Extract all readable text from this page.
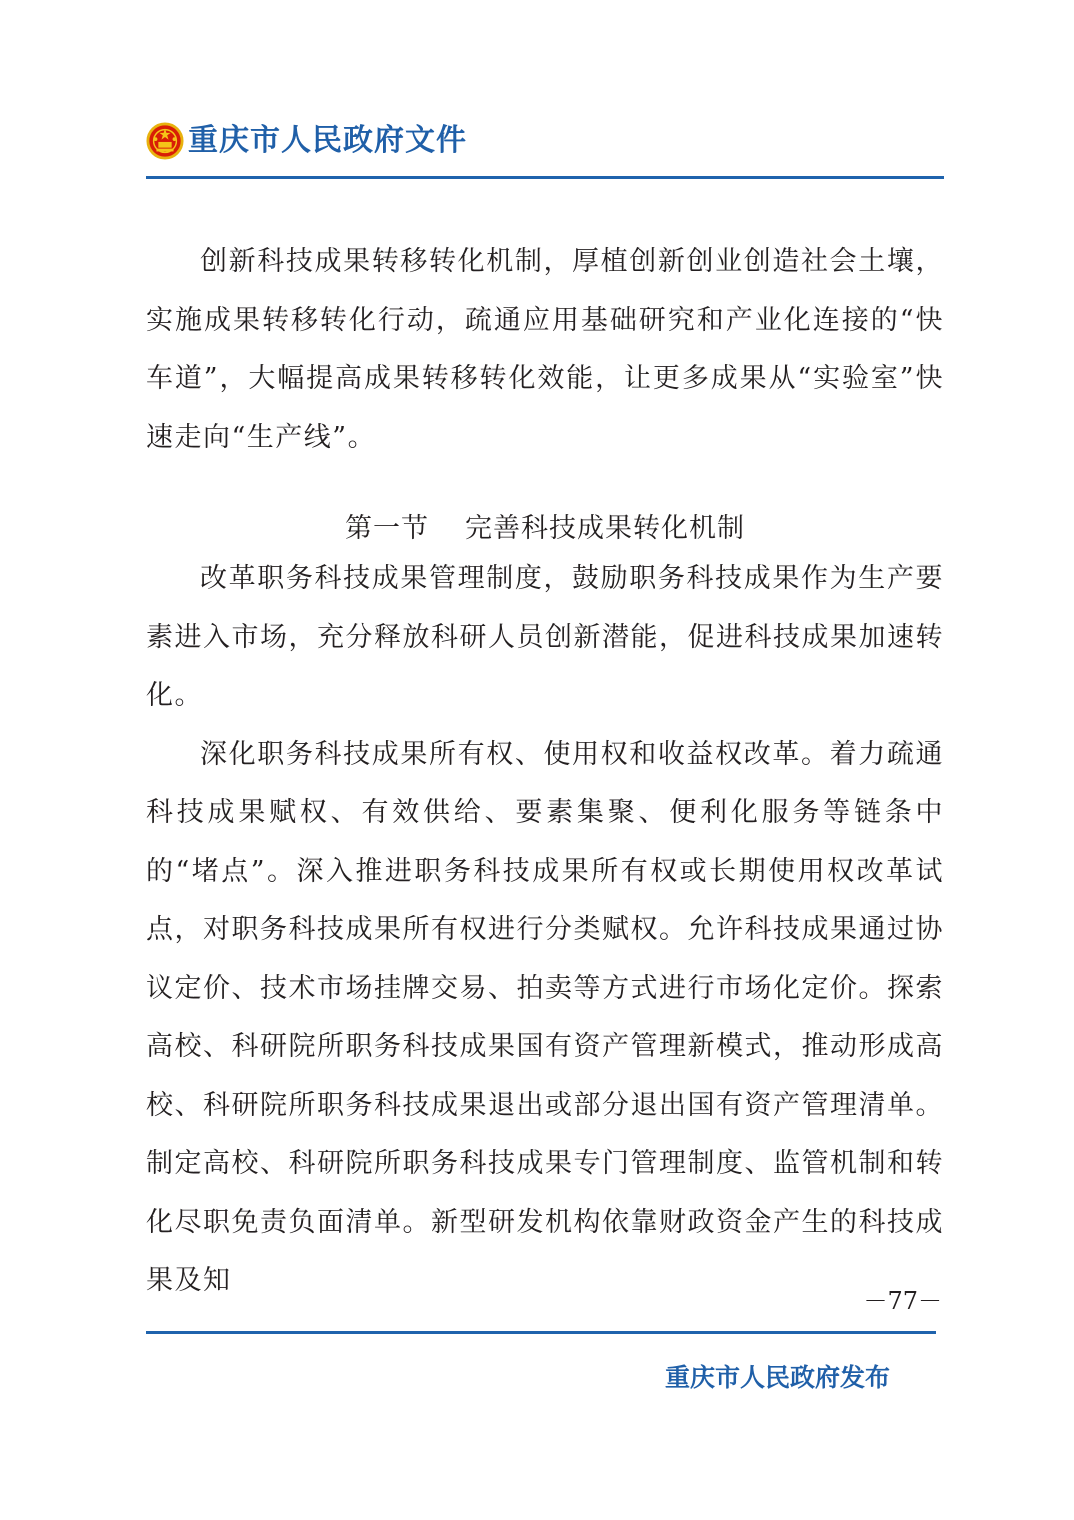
重庆市人民政府文件

创新科技成果转移转化机制，厚植创新创业创造社会土壤，实施成果转移转化行动，疏通应用基础研究和产业化连接的“快车道”，大幅提高成果转移转化效能，让更多成果从“实验室”快速走向“生产线”。

第一节 完善科技成果转化机制

改革职务科技成果管理制度，鼓励职务科技成果作为生产要素进入市场，充分释放科研人员创新潜能，促进科技成果加速转化。

深化职务科技成果所有权、使用权和收益权改革。着力疏通科技成果赋权、有效供给、要素集聚、便利化服务等链条中的“堵点”。深入推进职务科技成果所有权或长期使用权改革试点，对职务科技成果所有权进行分类赋权。允许科技成果通过协议定价、技术市场挂牌交易、拍卖等方式进行市场化定价。探索高校、科研院所职务科技成果国有资产管理新模式，推动形成高校、科研院所职务科技成果退出或部分退出国有资产管理清单。制定高校、科研院所职务科技成果专门管理制度、监管机制和转化尽职免责负面清单。新型研发机构依靠财政资金产生的科技成果及知

－77－
重庆市人民政府发布
